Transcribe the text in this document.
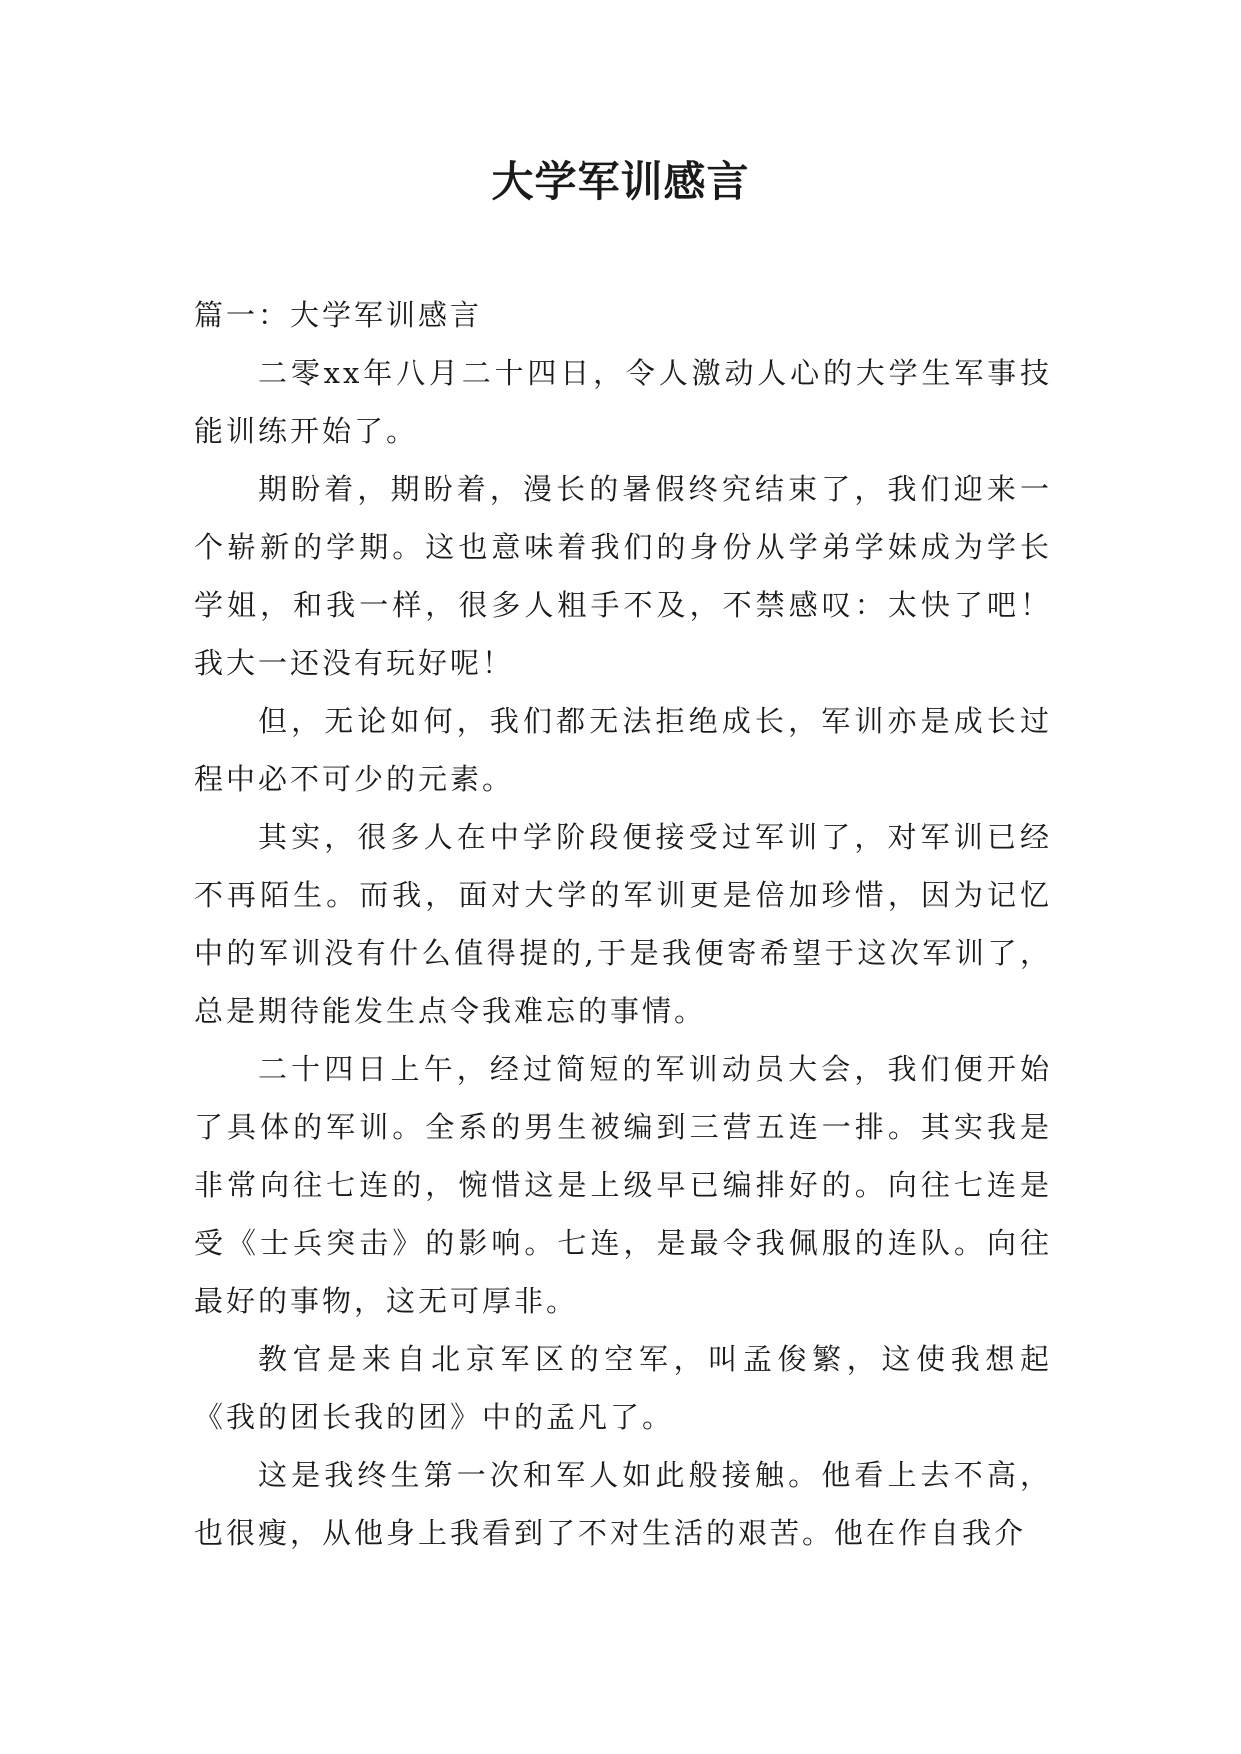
大学军训感言
篇一：大学军训感言

二零xx年八月二十四日，令人激动人心的大学生军事技能训练开始了。

期盼着，期盼着，漫长的暑假终究结束了，我们迎来一个崭新的学期。这也意味着我们的身份从学弟学妹成为学长学姐，和我一样，很多人粗手不及，不禁感叹：太快了吧！我大一还没有玩好呢！

但，无论如何，我们都无法拒绝成长，军训亦是成长过程中必不可少的元素。

其实，很多人在中学阶段便接受过军训了，对军训已经不再陌生。而我，面对大学的军训更是倍加珍惜，因为记忆中的军训没有什么值得提的,于是我便寄希望于这次军训了，总是期待能发生点令我难忘的事情。

二十四日上午，经过简短的军训动员大会，我们便开始了具体的军训。全系的男生被编到三营五连一排。其实我是非常向往七连的，惋惜这是上级早已编排好的。向往七连是受《士兵突击》的影响。七连，是最令我佩服的连队。向往最好的事物，这无可厚非。

教官是来自北京军区的空军，叫孟俊繁，这使我想起《我的团长我的团》中的孟凡了。

这是我终生第一次和军人如此般接触。他看上去不高，也很瘦，从他身上我看到了不对生活的艰苦。他在作自我介
